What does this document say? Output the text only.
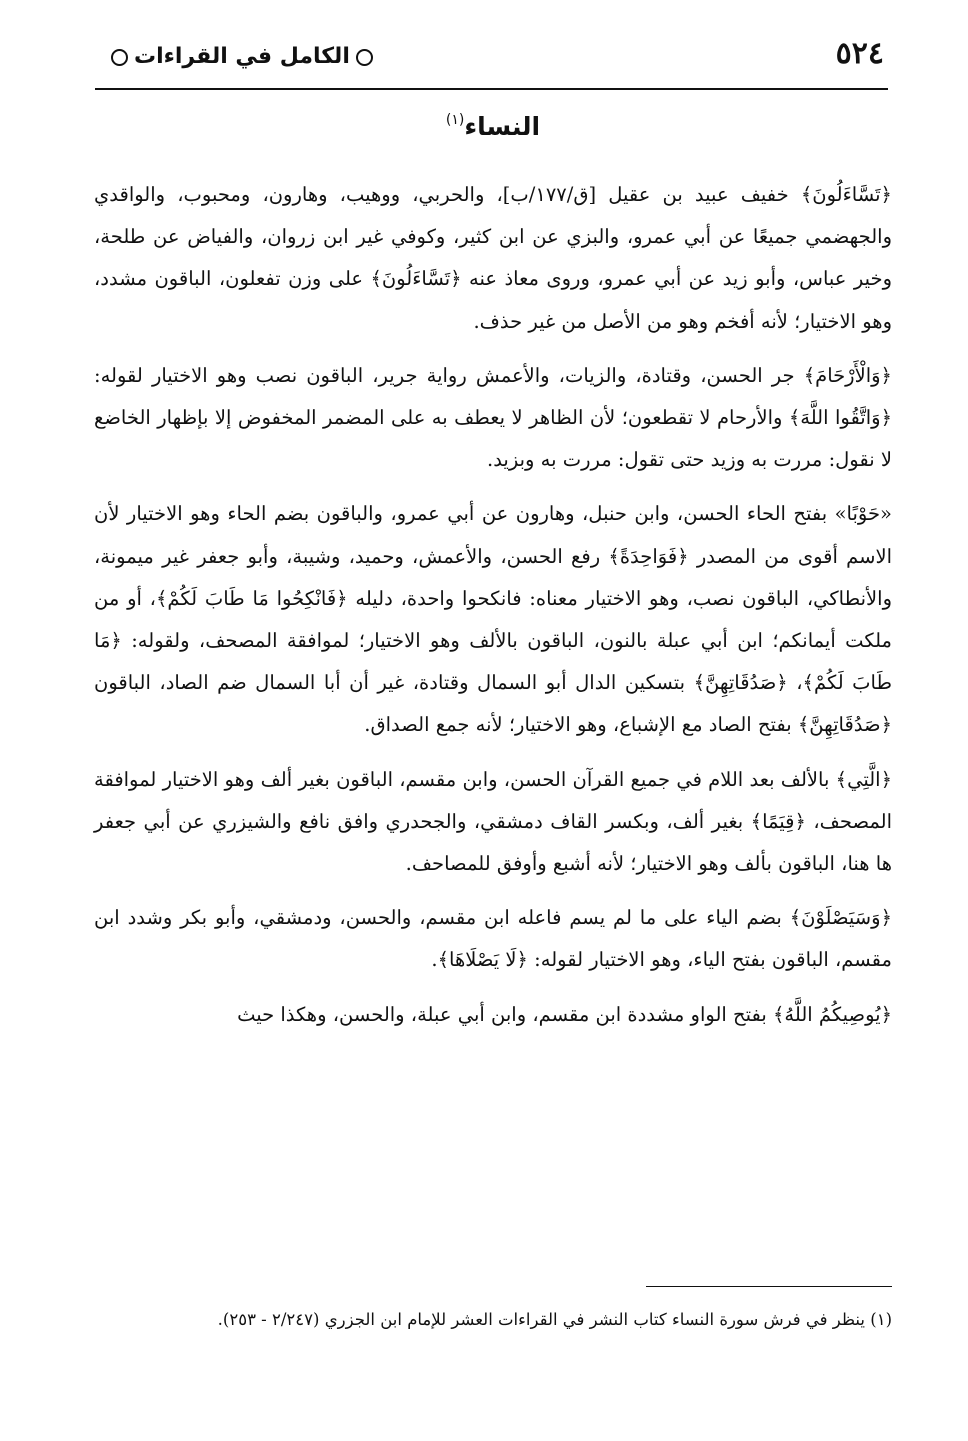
٥٢٤
الكامل في القراءات
النساء$^{(١)}$

﴿تَسَّاءَلُونَ﴾ خفيف عبيد بن عقيل [ق/١٧٧/ب]، والحربي، ووهيب، وهارون، ومحبوب، والواقدي والجهضمي جميعًا عن أبي عمرو، والبزي عن ابن كثير، وكوفي غير ابن زروان، والفياض عن طلحة، وخير عباس، وأبو زيد عن أبي عمرو، وروى معاذ عنه ﴿تَسَّاءَلُونَ﴾ على وزن تفعلون، الباقون مشدد، وهو الاختيار؛ لأنه أفخم وهو من الأصل من غير حذف.

﴿وَالْأَرْحَامَ﴾ جر الحسن، وقتادة، والزيات، والأعمش رواية جرير، الباقون نصب وهو الاختيار لقوله: ﴿وَاتَّقُوا اللَّهَ﴾ والأرحام لا تقطعون؛ لأن الظاهر لا يعطف به على المضمر المخفوض إلا بإظهار الخاضع لا نقول: مررت به وزيد حتى تقول: مررت به وبزيد.

«حَوْبًا» بفتح الحاء الحسن، وابن حنبل، وهارون عن أبي عمرو، والباقون بضم الحاء وهو الاختيار لأن الاسم أقوى من المصدر ﴿فَوَاحِدَةً﴾ رفع الحسن، والأعمش، وحميد، وشيبة، وأبو جعفر غير ميمونة، والأنطاكي، الباقون نصب، وهو الاختيار معناه: فانكحوا واحدة، دليله ﴿فَانْكِحُوا مَا طَابَ لَكُمْ﴾، أو من ملكت أيمانكم؛ ابن أبي عبلة بالنون، الباقون بالألف وهو الاختيار؛ لموافقة المصحف، ولقوله: ﴿مَا طَابَ لَكُمْ﴾، ﴿صَدُقَاتِهِنَّ﴾ بتسكين الدال أبو السمال وقتادة، غير أن أبا السمال ضم الصاد، الباقون ﴿صَدُقَاتِهِنَّ﴾ بفتح الصاد مع الإشباع، وهو الاختيار؛ لأنه جمع الصداق.

﴿الَّتِي﴾ بالألف بعد اللام في جميع القرآن الحسن، وابن مقسم، الباقون بغير ألف وهو الاختيار لموافقة المصحف، ﴿قِيَمًا﴾ بغير ألف، وبكسر القاف دمشقي، والجحدري وافق نافع والشيزري عن أبي جعفر ها هنا، الباقون بألف وهو الاختيار؛ لأنه أشبع وأوفق للمصاحف.

﴿وَسَيَصْلَوْنَ﴾ بضم الياء على ما لم يسم فاعله ابن مقسم، والحسن، ودمشقي، وأبو بكر وشدد ابن مقسم، الباقون بفتح الياء، وهو الاختيار لقوله: ﴿لَا يَصْلَاهَا﴾.

﴿يُوصِيكُمُ اللَّهُ﴾ بفتح الواو مشددة ابن مقسم، وابن أبي عبلة، والحسن، وهكذا حيث

(١) ينظر في فرش سورة النساء كتاب النشر في القراءات العشر للإمام ابن الجزري (٢/٢٤٧ - ٢٥٣).
